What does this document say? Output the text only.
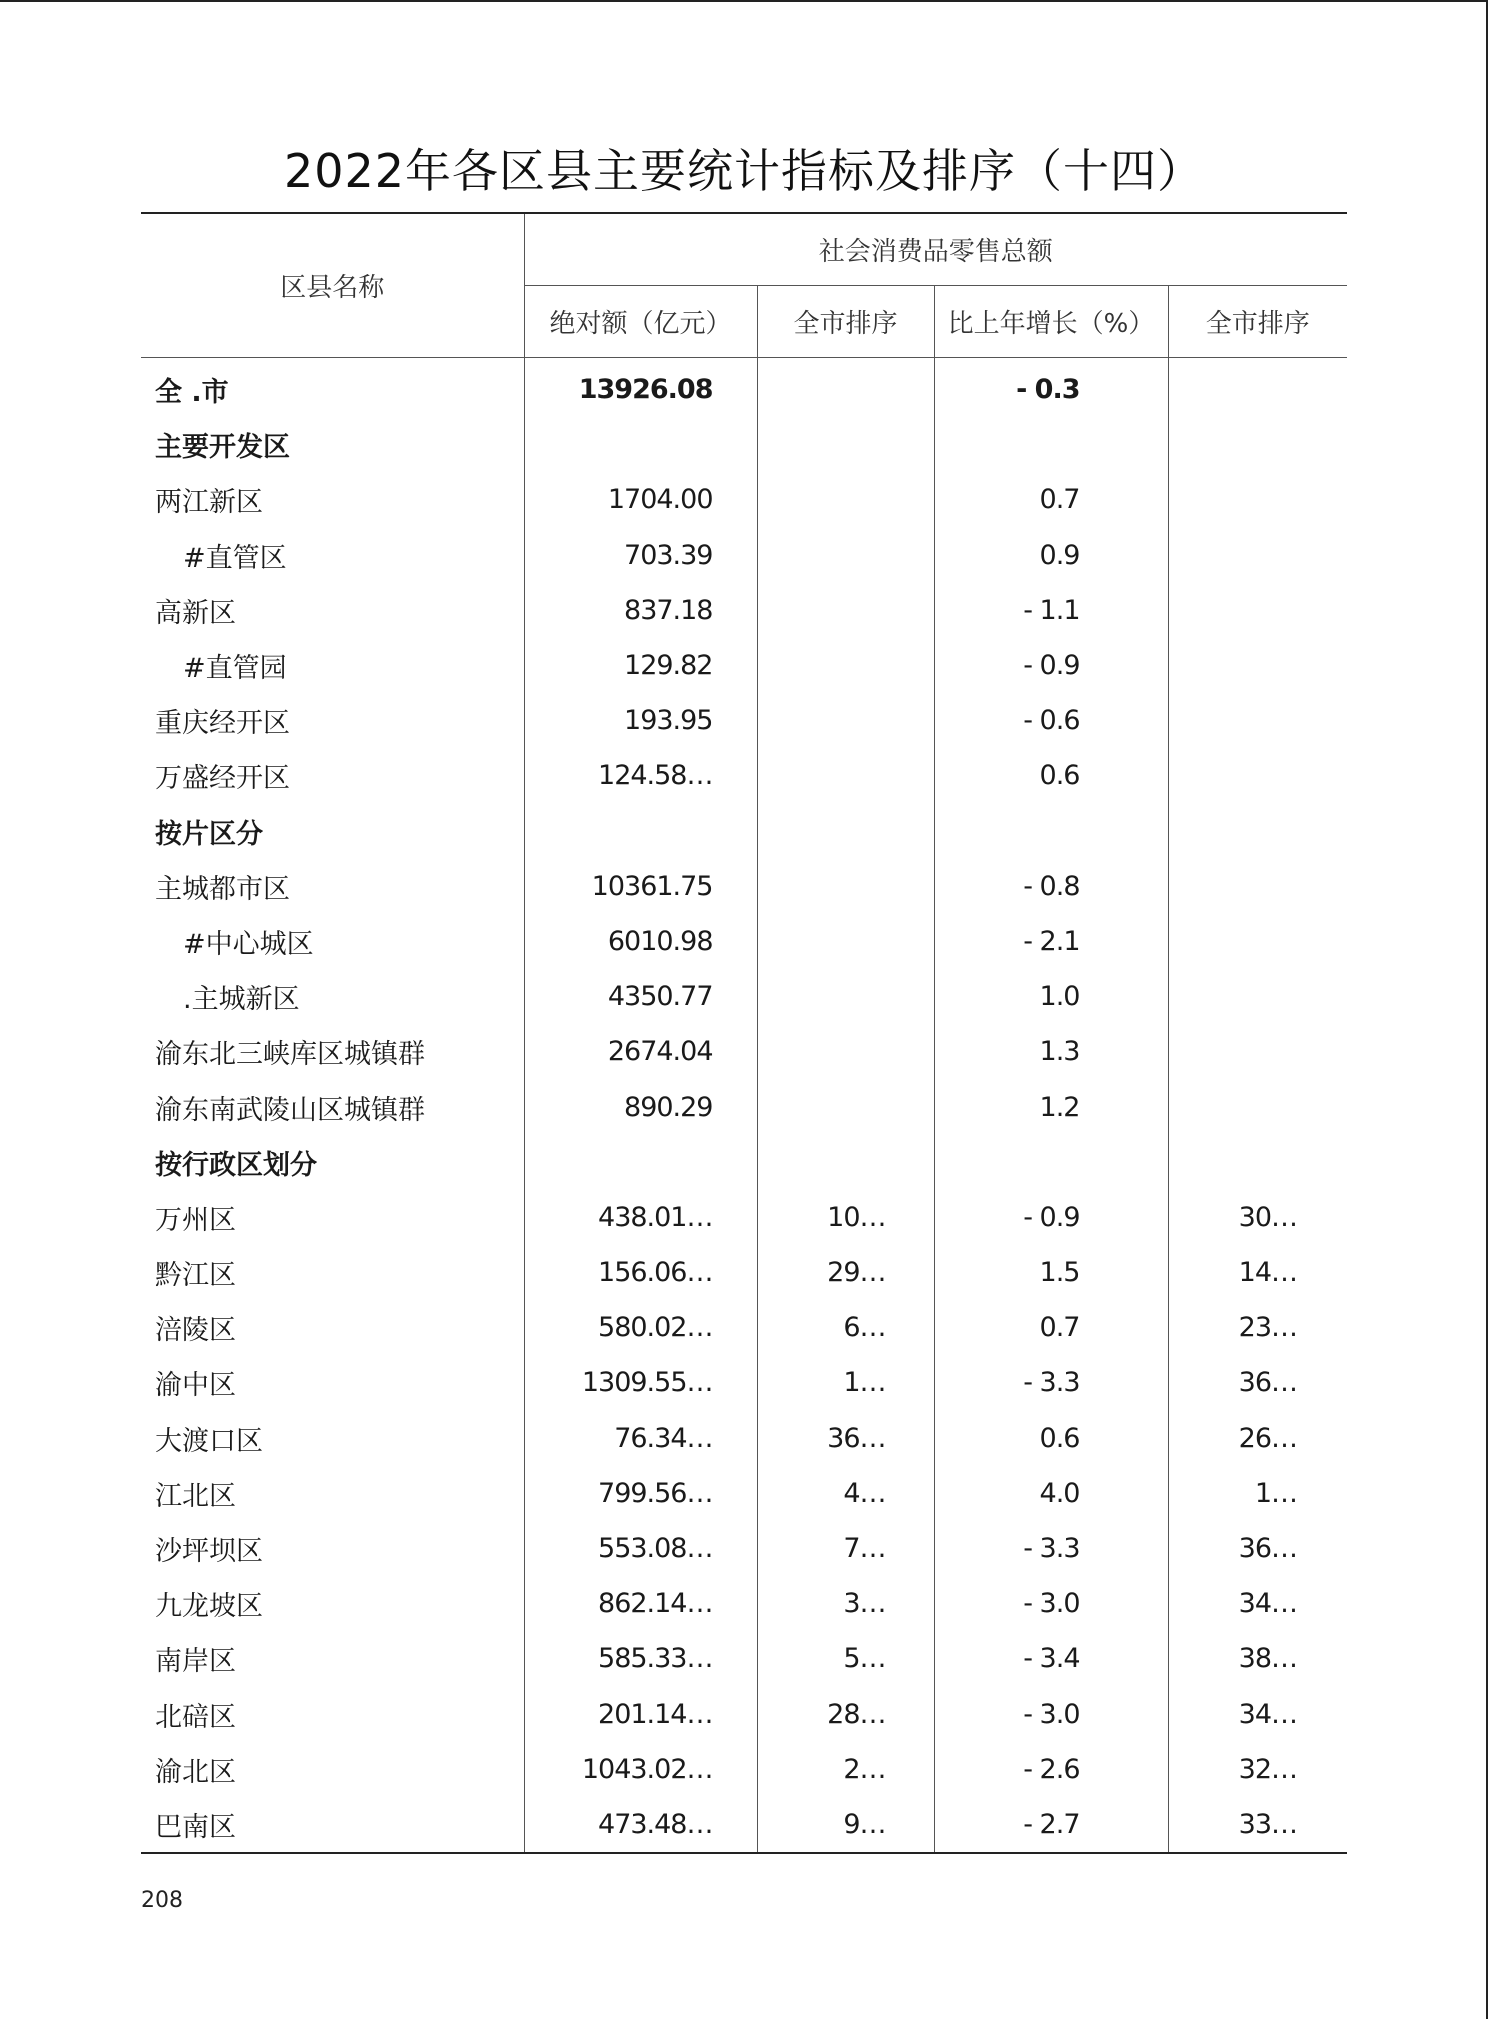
2022年各区县主要统计指标及排序（十四）
区县名称	社会消费品零售总额			
	绝对额（亿元）	全市排序	比上年增长（%）	全市排序
全 .市	13926.08		- 0.3	
主要开发区				
两江新区	1704.00		0.7	
#直管区	703.39		0.9	
高新区	837.18		- 1.1	
#直管园	129.82		- 0.9	
重庆经开区	193.95		- 0.6	
万盛经开区	124.58…		0.6	
按片区分				
主城都市区	10361.75		- 0.8	
#中心城区	6010.98		- 2.1	
.主城新区	4350.77		1.0	
渝东北三峡库区城镇群	2674.04		1.3	
渝东南武陵山区城镇群	890.29		1.2	
按行政区划分				
万州区	438.01…	10…	- 0.9	30…
黔江区	156.06…	29…	1.5	14…
涪陵区	580.02…	6…	0.7	23…
渝中区	1309.55…	1…	- 3.3	36…
大渡口区	76.34…	36…	0.6	26…
江北区	799.56…	4…	4.0	1…
沙坪坝区	553.08…	7…	- 3.3	36…
九龙坡区	862.14…	3…	- 3.0	34…
南岸区	585.33…	5…	- 3.4	38…
北碚区	201.14…	28…	- 3.0	34…
渝北区	1043.02…	2…	- 2.6	32…
巴南区	473.48…	9…	- 2.7	33…
208
